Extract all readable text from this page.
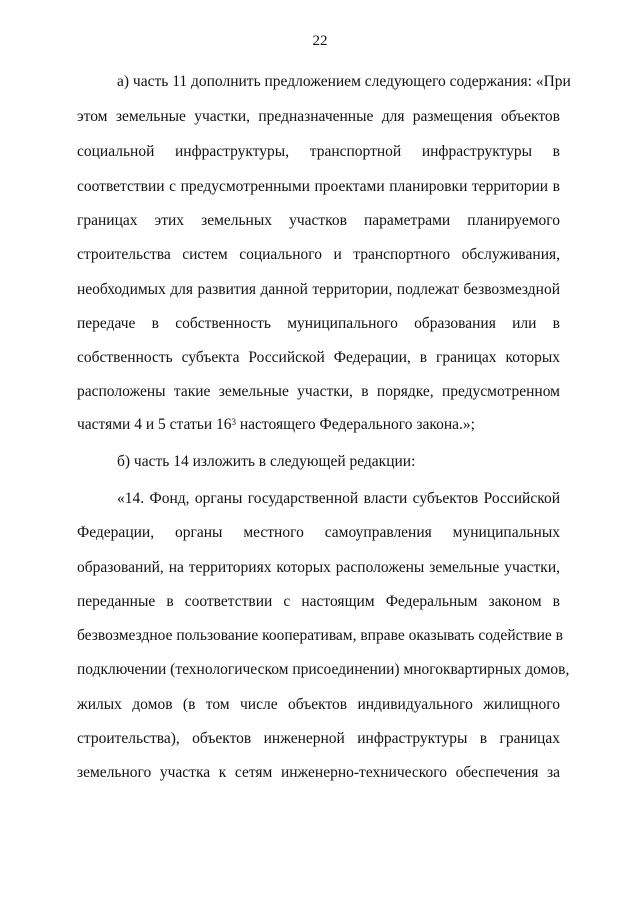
22
а) часть 11 дополнить предложением следующего содержания: «При
этом земельные участки, предназначенные для размещения объектов
социальной инфраструктуры, транспортной инфраструктуры в
соответствии с предусмотренными проектами планировки территории в
границах этих земельных участков параметрами планируемого
строительства систем социального и транспортного обслуживания,
необходимых для развития данной территории, подлежат безвозмездной
передаче в собственность муниципального образования или в
собственность субъекта Российской Федерации, в границах которых
расположены такие земельные участки, в порядке, предусмотренном
частями 4 и 5 статьи $16^3$ настоящего Федерального закона.»;
б) часть 14 изложить в следующей редакции:
«14. Фонд, органы государственной власти субъектов Российской
Федерации, органы местного самоуправления муниципальных
образований, на территориях которых расположены земельные участки,
переданные в соответствии с настоящим Федеральным законом в
безвозмездное пользование кооперативам, вправе оказывать содействие в
подключении (технологическом присоединении) многоквартирных домов,
жилых домов (в том числе объектов индивидуального жилищного
строительства), объектов инженерной инфраструктуры в границах
земельного участка к сетям инженерно-технического обеспечения за
